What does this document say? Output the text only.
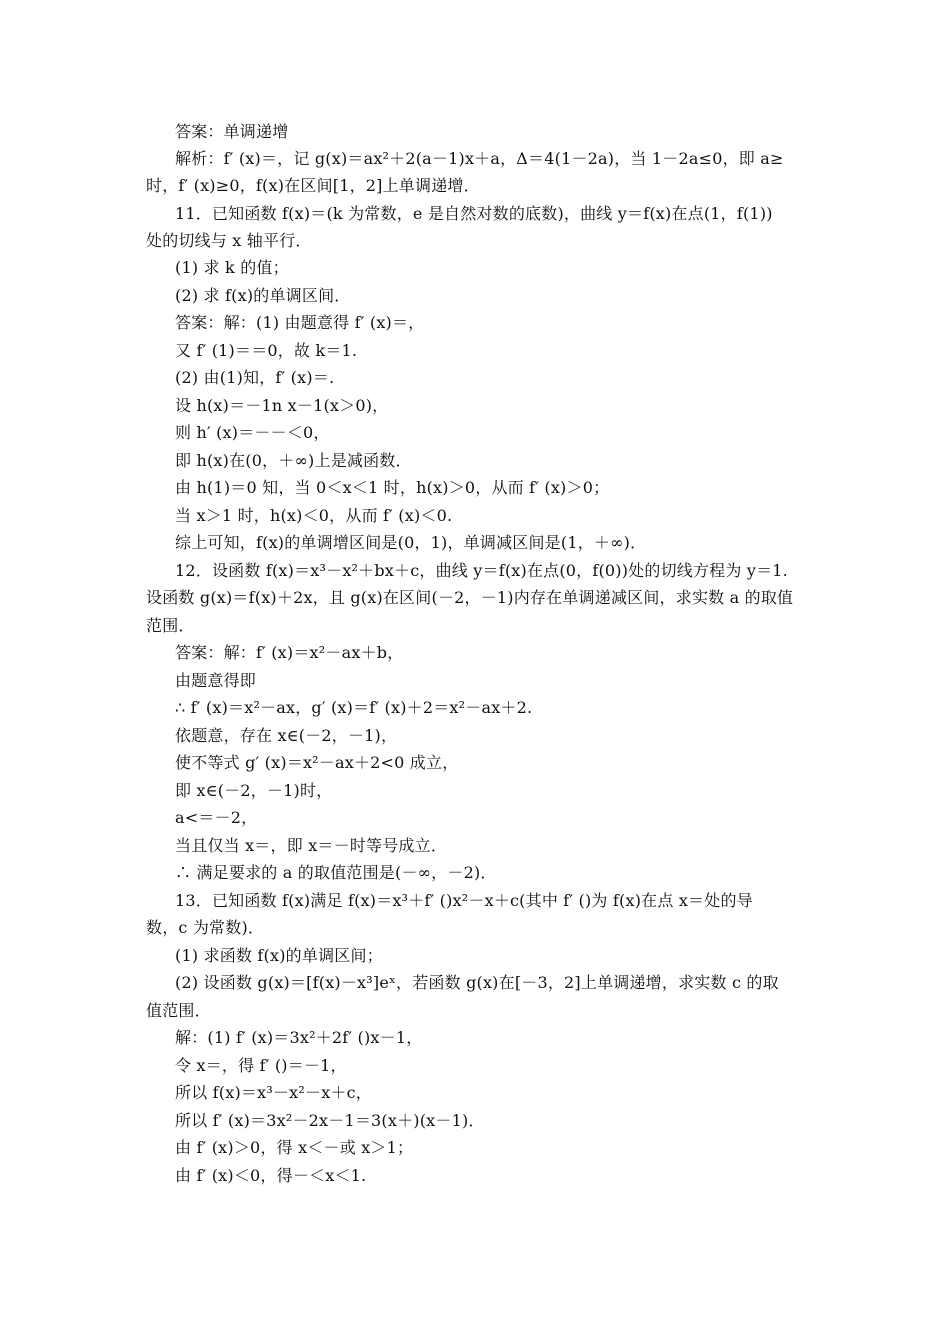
答案：单调递增
解析：f′ (x)＝，记 g(x)＝ax²＋2(a－1)x＋a，Δ＝4(1－2a)，当 1－2a≤0，即 a≥
时，f′ (x)≥0，f(x)在区间[1，2]上单调递增．
11．已知函数 f(x)＝(k 为常数，e 是自然对数的底数)，曲线 y＝f(x)在点(1，f(1))
处的切线与 x 轴平行．
(1) 求 k 的值；
(2) 求 f(x)的单调区间．
答案：解：(1) 由题意得 f′ (x)＝，
又 f′ (1)＝＝0，故 k＝1.
(2) 由(1)知，f′ (x)＝.
设 h(x)＝－1n x－1(x＞0)，
则 h′ (x)＝－－＜0，
即 h(x)在(0，＋∞)上是减函数．
由 h(1)＝0 知，当 0＜x＜1 时，h(x)＞0，从而 f′ (x)＞0；
当 x＞1 时，h(x)＜0，从而 f′ (x)＜0.
综上可知，f(x)的单调增区间是(0，1)，单调减区间是(1，＋∞)．
12．设函数 f(x)＝x³－x²＋bx＋c，曲线 y＝f(x)在点(0，f(0))处的切线方程为 y＝1.
设函数 g(x)＝f(x)＋2x，且 g(x)在区间(－2，－1)内存在单调递减区间，求实数 a 的取值
范围．
答案：解：f′ (x)＝x²－ax＋b，
由题意得即
∴ f′ (x)＝x²－ax，g′ (x)＝f′ (x)＋2＝x²－ax＋2.
依题意，存在 x∈(－2，－1)，
使不等式 g′ (x)＝x²－ax＋2<0 成立，
即 x∈(－2，－1)时，
a<＝－2，
当且仅当 x＝，即 x＝－时等号成立．
∴ 满足要求的 a 的取值范围是(－∞，－2)．
13．已知函数 f(x)满足 f(x)＝x³＋f′ ()x²－x＋c(其中 f′ ()为 f(x)在点 x＝处的导
数，c 为常数)．
(1) 求函数 f(x)的单调区间；
(2) 设函数 g(x)＝[f(x)－x³]eˣ，若函数 g(x)在[－3，2]上单调递增，求实数 c 的取
值范围．
解：(1) f′ (x)＝3x²＋2f′ ()x－1，
令 x＝，得 f′ ()＝－1，
所以 f(x)＝x³－x²－x＋c，
所以 f′ (x)＝3x²－2x－1＝3(x＋)(x－1)．
由 f′ (x)＞0，得 x＜－或 x＞1；
由 f′ (x)＜0，得－＜x＜1.
